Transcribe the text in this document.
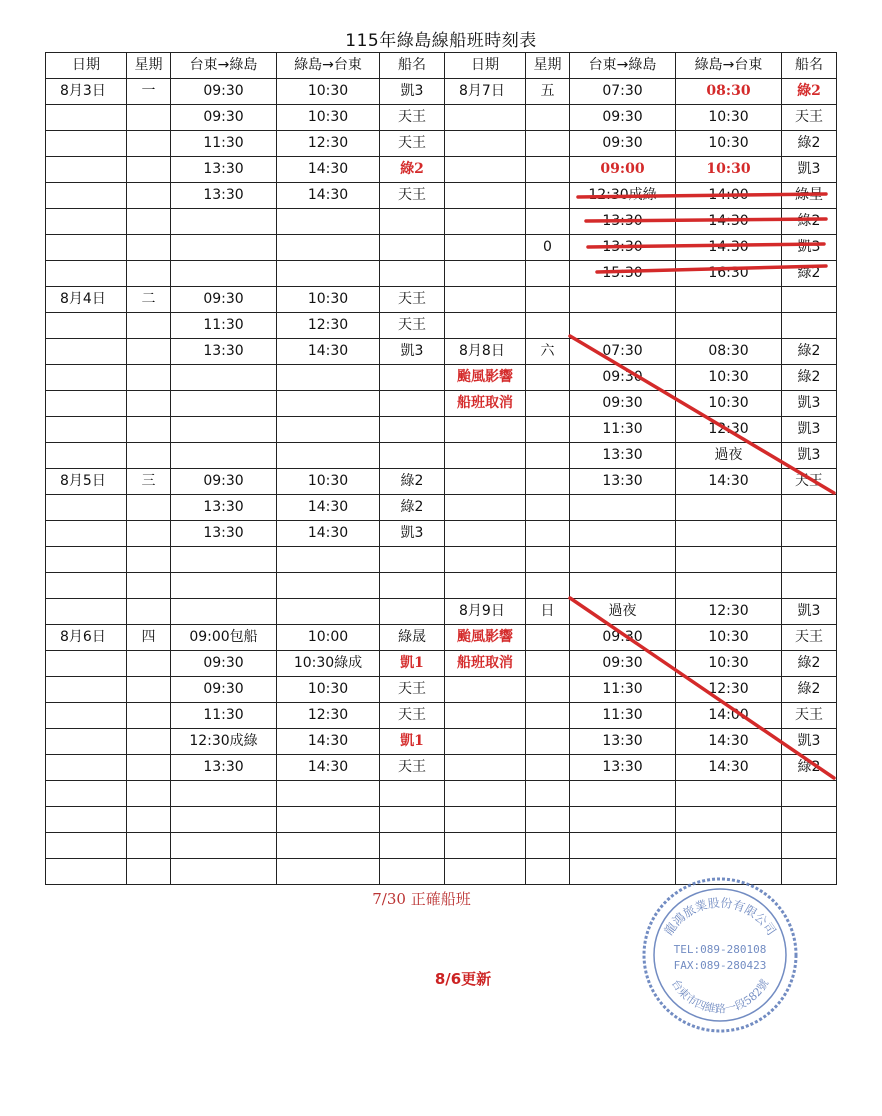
115年綠島線船班時刻表
日期	星期	台東→綠島	綠島→台東	船名	日期	星期	台東→綠島	綠島→台東	船名
8月3日	一	09:30	10:30	凱3	8月7日	五	07:30	08:30	綠2
		09:30	10:30	天王			09:30	10:30	天王
		11:30	12:30	天王			09:30	10:30	綠2
		13:30	14:30	綠2			09:00	10:30	凱3
		13:30	14:30	天王			12:30成綠	14:00	綠星
							13:30	14:30	綠2
						0	13:30	14:30	凱3
							15:30	16:30	綠2
8月4日	二	09:30	10:30	天王					
		11:30	12:30	天王					
		13:30	14:30	凱3	8月8日	六	07:30	08:30	綠2
					颱風影響		09:30	10:30	綠2
					船班取消		09:30	10:30	凱3
							11:30	12:30	凱3
							13:30	過夜	凱3
8月5日	三	09:30	10:30	綠2			13:30	14:30	天王
		13:30	14:30	綠2					
		13:30	14:30	凱3					

					8月9日	日	過夜	12:30	凱3
8月6日	四	09:00包船	10:00	綠晟	颱風影響		09:30	10:30	天王
		09:30	10:30綠成	凱1	船班取消		09:30	10:30	綠2
		09:30	10:30	天王			11:30	12:30	綠2
		11:30	12:30	天王			11:30	14:00	天王
		12:30成綠	14:30	凱1			13:30	14:30	凱3
		13:30	14:30	天王			13:30	14:30	綠2

7/30 正確船班
8/6更新
龍鴻旅業股份有限公司
TEL:089-280108
FAX:089-280423
台東市四維路一段582號
